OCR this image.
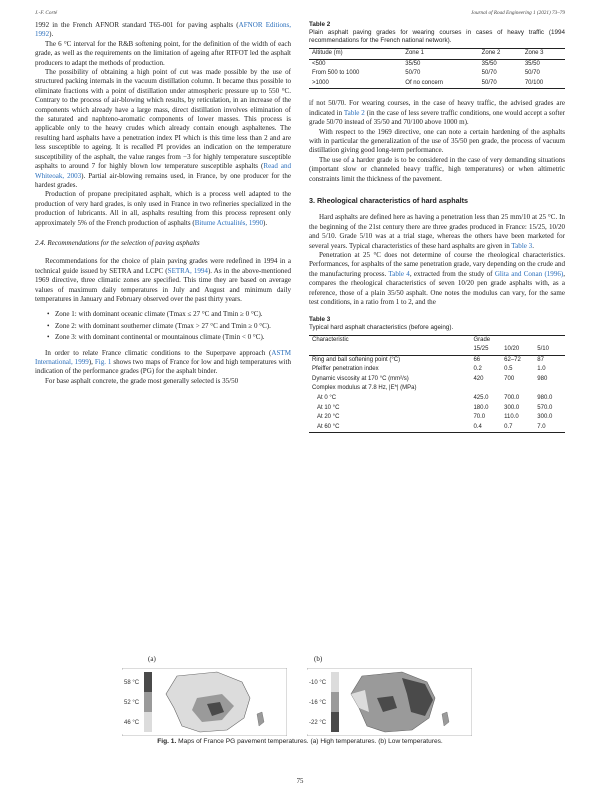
J.-F. Corté	Journal of Road Engineering 1 (2021) 73–79

1992 in the French AFNOR standard T65-001 for paving asphalts (AFNOR Editions, 1992).

The 6 °C interval for the R&B softening point, for the definition of the width of each grade, as well as the requirements on the limitation of ageing after RTFOT led the asphalt producers to adapt the methods of production.

The possibility of obtaining a high point of cut was made possible by the use of structured packing internals in the vacuum distillation column. It became thus possible to eliminate fractions with a point of distillation under atmospheric pressure up to 550 °C. Contrary to the process of air-blowing which results, by reticulation, in an increase of the components which already have a large mass, direct distillation involves elimination of the saturated and naphteno-aromatic components of lower masses. This process is applicable only to the heavy crudes which already contain enough asphaltenes. The resulting hard asphalts have a penetration index PI which is this time less than 2 and are less susceptible to ageing. It is recalled PI provides an indication on the temperature susceptibility of the asphalt, the value ranges from −3 for highly temperature susceptible asphalts to around 7 for highly blown low temperature susceptible asphalts (Read and Whiteoak, 2003). Partial air-blowing remains used, in France, by one producer for the hardest grades.

Production of propane precipitated asphalt, which is a process well adapted to the production of very hard grades, is only used in France in two refineries specialized in the production of lubricants. All in all, asphalts resulting from this process represent only approximately 5% of the French production of asphalts (Bitume Actualités, 1990).

2.4. Recommendations for the selection of paving asphalts

Recommendations for the choice of plain paving grades were redefined in 1994 in a technical guide issued by SETRA and LCPC (SETRA, 1994). As in the above-mentioned 1969 directive, three climatic zones are specified. This time they are based on average values of maximum daily temperatures in July and August and minimum daily temperatures in January and February observed over the past thirty years.

• Zone 1: with dominant oceanic climate (Tmax ≤ 27 °C and Tmin ≥ 0 °C).
• Zone 2: with dominant southerner climate (Tmax > 27 °C and Tmin ≥ 0 °C).
• Zone 3: with dominant continental or mountainous climate (Tmin < 0 °C).

In order to relate France climatic conditions to the Superpave approach (ASTM International, 1999), Fig. 1 shows two maps of France for low and high temperatures with indication of the performance grades (PG) for the asphalt binder.

For base asphalt concrete, the grade most generally selected is 35/50

Table 2
Plain asphalt paving grades for wearing courses in cases of heavy traffic (1994 recommendations for the French national network).
Altitude (m)	Zone 1	Zone 2	Zone 3
<500	35/50	35/50	35/50
From 500 to 1000	50/70	50/70	50/70
>1000	Of no concern	50/70	70/100

if not 50/70. For wearing courses, in the case of heavy traffic, the advised grades are indicated in Table 2 (in the case of less severe traffic conditions, one would accept a softer grade 50/70 instead of 35/50 and 70/100 above 1000 m).

With respect to the 1969 directive, one can note a certain hardening of the asphalts with in particular the generalization of the use of 35/50 pen grade, the process of vacuum distillation giving good long-term performance.

The use of a harder grade is to be considered in the case of very demanding situations (important slow or channeled heavy traffic, high temperatures) or when altimetric constraints limit the thickness of the pavement.

3. Rheological characteristics of hard asphalts

Hard asphalts are defined here as having a penetration less than 25 mm/10 at 25 °C. In the beginning of the 21st century there are three grades produced in France: 15/25, 10/20 and 5/10. Grade 5/10 was at a trial stage, whereas the others have been marketed for several years. Typical characteristics of these hard asphalts are given in Table 3.

Penetration at 25 °C does not determine of course the rheological characteristics. Performances, for asphalts of the same penetration grade, vary depending on the crude and the manufacturing process. Table 4, extracted from the study of Glita and Conan (1996), compares the rheological characteristics of seven 10/20 pen grade asphalts with, as a reference, those of a plain 35/50 asphalt. One notes the modulus can vary, for the same test conditions, in a ratio from 1 to 2, and the

Table 3
Typical hard asphalt characteristics (before ageing).
Characteristic	Grade		
	15/25	10/20	5/10
Ring and ball softening point (°C)	66	62–72	87
Pfeiffer penetration index	0.2	0.5	1.0
Dynamic viscosity at 170 °C (mm²/s)	420	700	980
Complex modulus at 7.8 Hz, |E*| (MPa)			
At 0 °C	425.0	700.0	980.0
At 10 °C	180.0	300.0	570.0
At 20 °C	70.0	110.0	300.0
At 60 °C	0.4	0.7	7.0
(a)	(b)
58 °C
52 °C
46 °C
-10 °C
-16 °C
-22 °C
Fig. 1. Maps of France PG pavement temperatures. (a) High temperatures. (b) Low temperatures.
75
